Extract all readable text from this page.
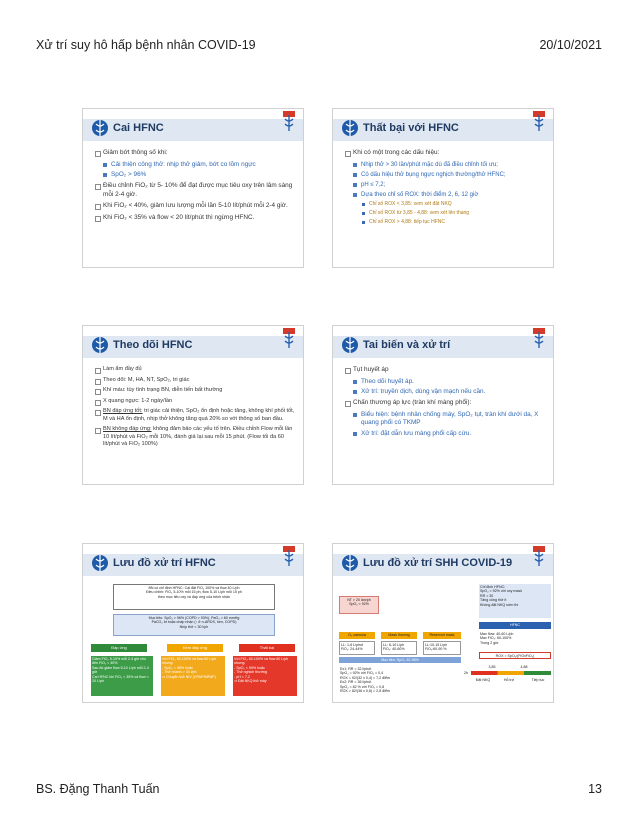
Xử trí suy hô hấp bệnh nhân COVID-19	20/10/2021
Cai HFNC
Giảm bớt thông số khi:
Cải thiện công thở: nhịp thở giảm, bớt co lõm ngực
SpO₂ > 96%
Điều chỉnh FiO₂ từ 5- 10% để đạt được mục tiêu oxy trên lâm sàng mỗi 2-4 giờ.
Khi FiO₂ < 40%, giảm lưu lượng mỗi lần 5-10 lít/phút mỗi 2-4 giờ.
Khi FiO₂ < 35% và flow < 20 lít/phút thì ngừng HFNC.
Thất bại với HFNC
Khi có một trong các dấu hiệu:
Nhịp thở > 30 lần/phút mặc dù đã điều chỉnh tối ưu;
Có dấu hiệu thở bụng ngực nghịch thường/thở HFNC;
pH ≤ 7,2;
Dựa theo chỉ số ROX: thời điểm 2, 6, 12 giờ
Chỉ số ROX < 3,85: xem xét đặt NKQ
Chỉ số ROX từ 3,85 - 4,88: xem xét lên thang
Chỉ số ROX > 4,88: tiếp tục HFNC
Theo dõi HFNC
Làm ẩm đầy đủ
Theo dõi: M, HA, NT, SpO₂, tri giác
Khí máu: tùy tình trạng BN, diễn tiến bất thường
X quang ngực: 1-2 ngày/lần
BN đáp ứng tốt: tri giác cải thiện, SpO₂ ổn định hoặc tăng, không khí phối tốt, M và HA ổn định, nhịp thở không tăng quá 20% so với thông số ban đầu.
BN không đáp ứng: không đảm bảo các yếu tố trên. Điều chỉnh Flow mỗi lần 10 lít/phút và FiO₂ mỗi 10%, đánh giá lại sau mỗi 15 phút. (Flow tối đa 60 lít/phút và FiO₂ 100%)
Tai biến và xử trí
Tụt huyết áp
Theo dõi huyết áp.
Xử trí: truyền dịch, dùng vận mạch nếu cần.
Chấn thương áp lực (tràn khí màng phổi):
Biểu hiện: bệnh nhân chống máy, SpO₂ tụt, tràn khí dưới da, X quang phổi có TKMP
Xử trí: đặt dẫn lưu màng phổi cấp cứu.
Lưu đồ xử trí HFNC
BN có chỉ định HFNC: Cài đặt FiO₂ 100% và flow 40 L/ph
Điều chỉnh: FiO₂ 5-10% mỗi 15 ph, flow 5-10 L/ph mỗi 15 ph
theo mục tiêu oxy và đáp ứng của bệnh nhân
Mục tiêu: SpO₂ > 96% (COPD > 93%), PaO₂ > 60 mmHg
PaCO₂ bt hoặc chấp nhận (↑ ở n-ARDS, hen, COPD)
Nhịp thở < 30 l/ph
Đáp ứng	Kém đáp ứng	Thất bại
Giảm FiO₂ 5-10% mỗi 2-4 giờ cho đến FiO₂ < 40%
Sau đó giảm flow 5-10 L/ph mỗi 2-4 giờ
Cai HFNC khi FiO₂ < 35% và flow < 20 L/ph
Với FiO₂ 60-100% và flow 60 L/ph nhưng:
- SpO₂ < 96% hoặc
- Thở nhanh > 30 l/ph
⇒ Chuyển thở NIV (CPAP/BiPAP)
Với FiO₂ 60-100% và flow 60 L/ph nhưng:
- SpO₂ < 90% hoặc
- Thở nghịch thường
- pH < 7,2
⇒ Đặt NKQ thở máy
Lưu đồ xử trí SHH COVID-19
NT > 20 lần/ph
SpO₂ < 92%
O₂ cannula	Mask thường	Reservoir mask
LL: 1-6 L/phút
FiO₂: 24-44%
LL: 6-10 L/ph
FiO₂: 40-60%
LL:10-15 L/ph
FiO₂:60-90 %
Mục tiêu: SpO₂ 92-96%
Ex1: RR = 32 l/phút
SpO₂ = 92% với FiO₂ = 0,4
ROX = 92/(32 x 0,4) = 7,2 điểm
Ex2: RR = 36 l/phút
SpO₂ = 82 % với FiO₂ = 0,8
ROX = 82/(36 x 0,8) = 2,8 điểm
Chỉ định HFNC:
SpO₂ < 92% với oxy mask
RR > 30
Tăng công thở ít
Không đặt NKQ sớm thì
HFNC
Max flow: 40-60 L/ph
Max FiO₂: 60-100%
Trong 2 giờ
ROX = SpO₂/(FiOxFiO₂)
3,85	4,88
2h
Đặt NKQ	Hỗ trợ	Tiếp tục
BS. Đặng Thanh Tuấn	13
